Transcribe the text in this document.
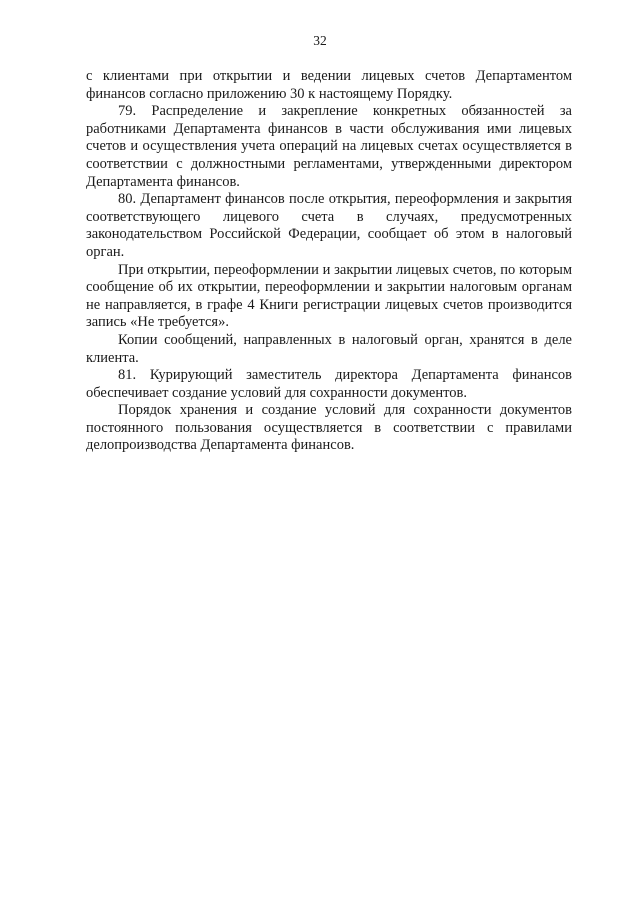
32

с клиентами при открытии и ведении лицевых счетов Департаментом финансов согласно приложению 30 к настоящему Порядку.

79. Распределение и закрепление конкретных обязанностей за работниками Департамента финансов в части обслуживания ими лицевых счетов и осуществления учета операций на лицевых счетах осуществляется в соответствии с должностными регламентами, утвержденными директором Департамента финансов.

80. Департамент финансов после открытия, переоформления и закрытия соответствующего лицевого счета в случаях, предусмотренных законодательством Российской Федерации, сообщает об этом в налоговый орган.

При открытии, переоформлении и закрытии лицевых счетов, по которым сообщение об их открытии, переоформлении и закрытии налоговым органам не направляется, в графе 4 Книги регистрации лицевых счетов производится запись «Не требуется».

Копии сообщений, направленных в налоговый орган, хранятся в деле клиента.

81. Курирующий заместитель директора Департамента финансов обеспечивает создание условий для сохранности документов.

Порядок хранения и создание условий для сохранности документов постоянного пользования осуществляется в соответствии с правилами делопроизводства Департамента финансов.
